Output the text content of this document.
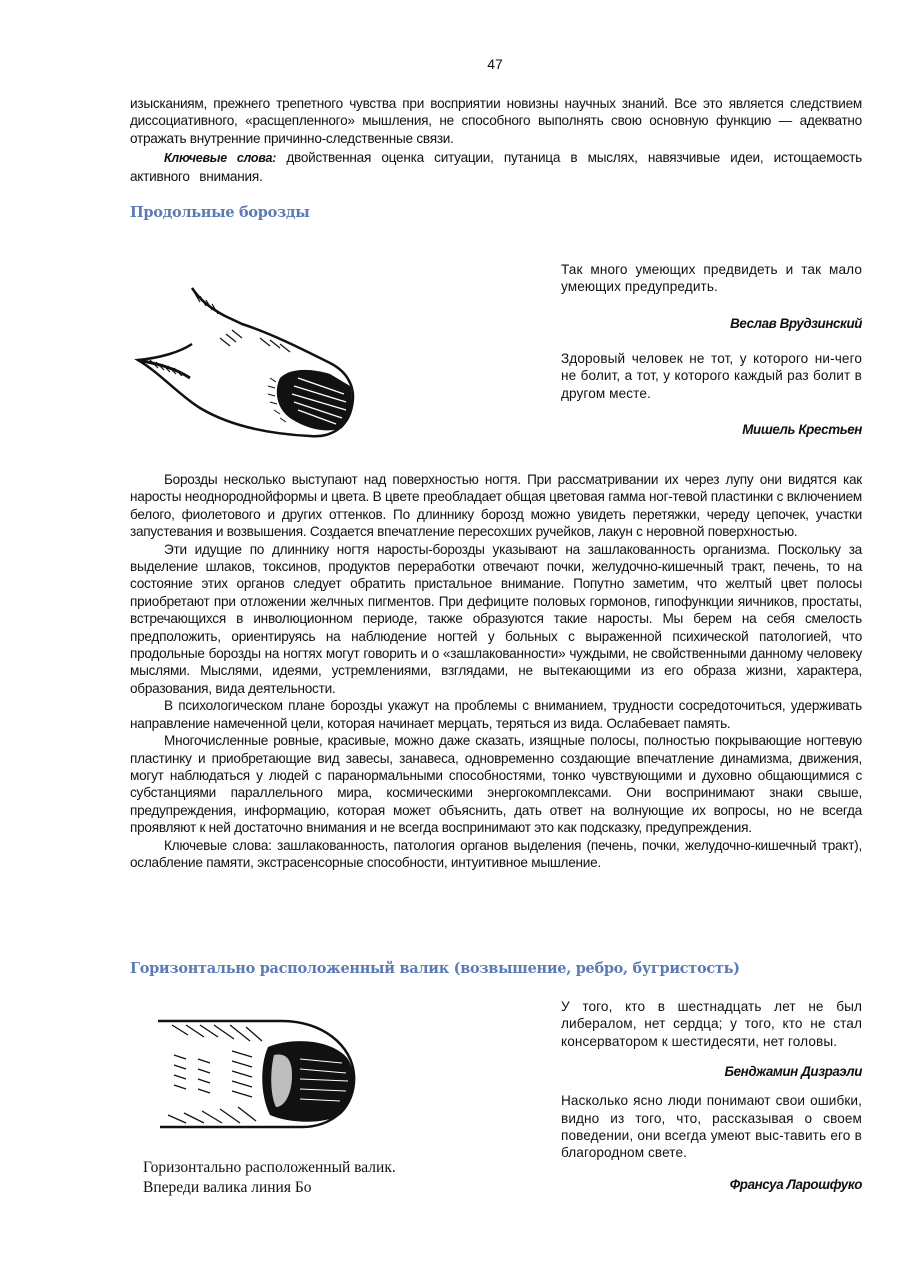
47

изысканиям, прежнего трепетного чувства при восприятии новизны научных знаний. Все это является следствием диссоциативного, «расщепленного» мышления, не способного выполнять свою основную функцию — адекватно отражать внутренние причинно-следственные связи.

Ключевые слова: двойственная оценка ситуации, путаница в мыслях, навязчивые идеи, истощаемость активного внимания.

Продольные борозды

Так много умеющих предвидеть и так мало умеющих предупредить.

Веслав Врудзинский

Здоровый человек не тот, у которого ни-чего не болит, а тот, у которого каждый раз болит в другом месте.

Мишель Крестьен

Борозды несколько выступают над поверхностью ногтя. При рассматривании их через лупу они видятся как наросты неоднороднойформы и цвета. В цвете преобладает общая цветовая гамма ног-тевой пластинки с включением белого, фиолетового и других оттенков. По длиннику борозд можно увидеть перетяжки, череду цепочек, участки запустевания и возвышения. Создается впечатление пересохших ручейков, лакун с неровной поверхностью.

Эти идущие по длиннику ногтя наросты-борозды указывают на зашлакованность организма. Поскольку за выделение шлаков, токсинов, продуктов переработки отвечают почки, желудочно-кишечный тракт, печень, то на состояние этих органов следует обратить пристальное внимание. Попутно заметим, что желтый цвет полосы приобретают при отложении желчных пигментов. При дефиците половых гормонов, гипофункции яичников, простаты, встречающихся в инволюционном периоде, также образуются такие наросты. Мы берем на себя смелость предположить, ориентируясь на наблюдение ногтей у больных с выраженной психической патологией, что продольные борозды на ногтях могут говорить и о «зашлакованности» чуждыми, не свойственными данному человеку мыслями. Мыслями, идеями, устремлениями, взглядами, не вытекающими из его образа жизни, характера, образования, вида деятельности.

В психологическом плане борозды укажут на проблемы с вниманием, трудности сосредоточиться, удерживать направление намеченной цели, которая начинает мерцать, теряться из вида. Ослабевает память.

Многочисленные ровные, красивые, можно даже сказать, изящные полосы, полностью покрывающие ногтевую пластинку и приобретающие вид завесы, занавеса, одновременно создающие впечатление динамизма, движения, могут наблюдаться у людей с паранормальными способностями, тонко чувствующими и духовно общающимися с субстанциями параллельного мира, космическими энергокомплексами. Они воспринимают знаки свыше, предупреждения, информацию, которая может объяснить, дать ответ на волнующие их вопросы, но не всегда проявляют к ней достаточно внимания и не всегда воспринимают это как подсказку, предупреждения.

Ключевые слова: зашлакованность, патология органов выделения (печень, почки, желудочно-кишечный тракт), ослабление памяти, экстрасенсорные способности, интуитивное мышление.

Горизонтально расположенный валик (возвышение, ребро, бугристость)
Горизонтально расположенный валик.
Впереди валика линия Бо

У того, кто в шестнадцать лет не был либералом, нет сердца; у того, кто не стал консерватором к шестидесяти, нет головы.

Бенджамин Дизраэли

Насколько ясно люди понимают свои ошибки, видно из того, что, рассказывая о своем поведении, они всегда умеют выс-тавить его в благородном свете.

Франсуа Ларошфуко
